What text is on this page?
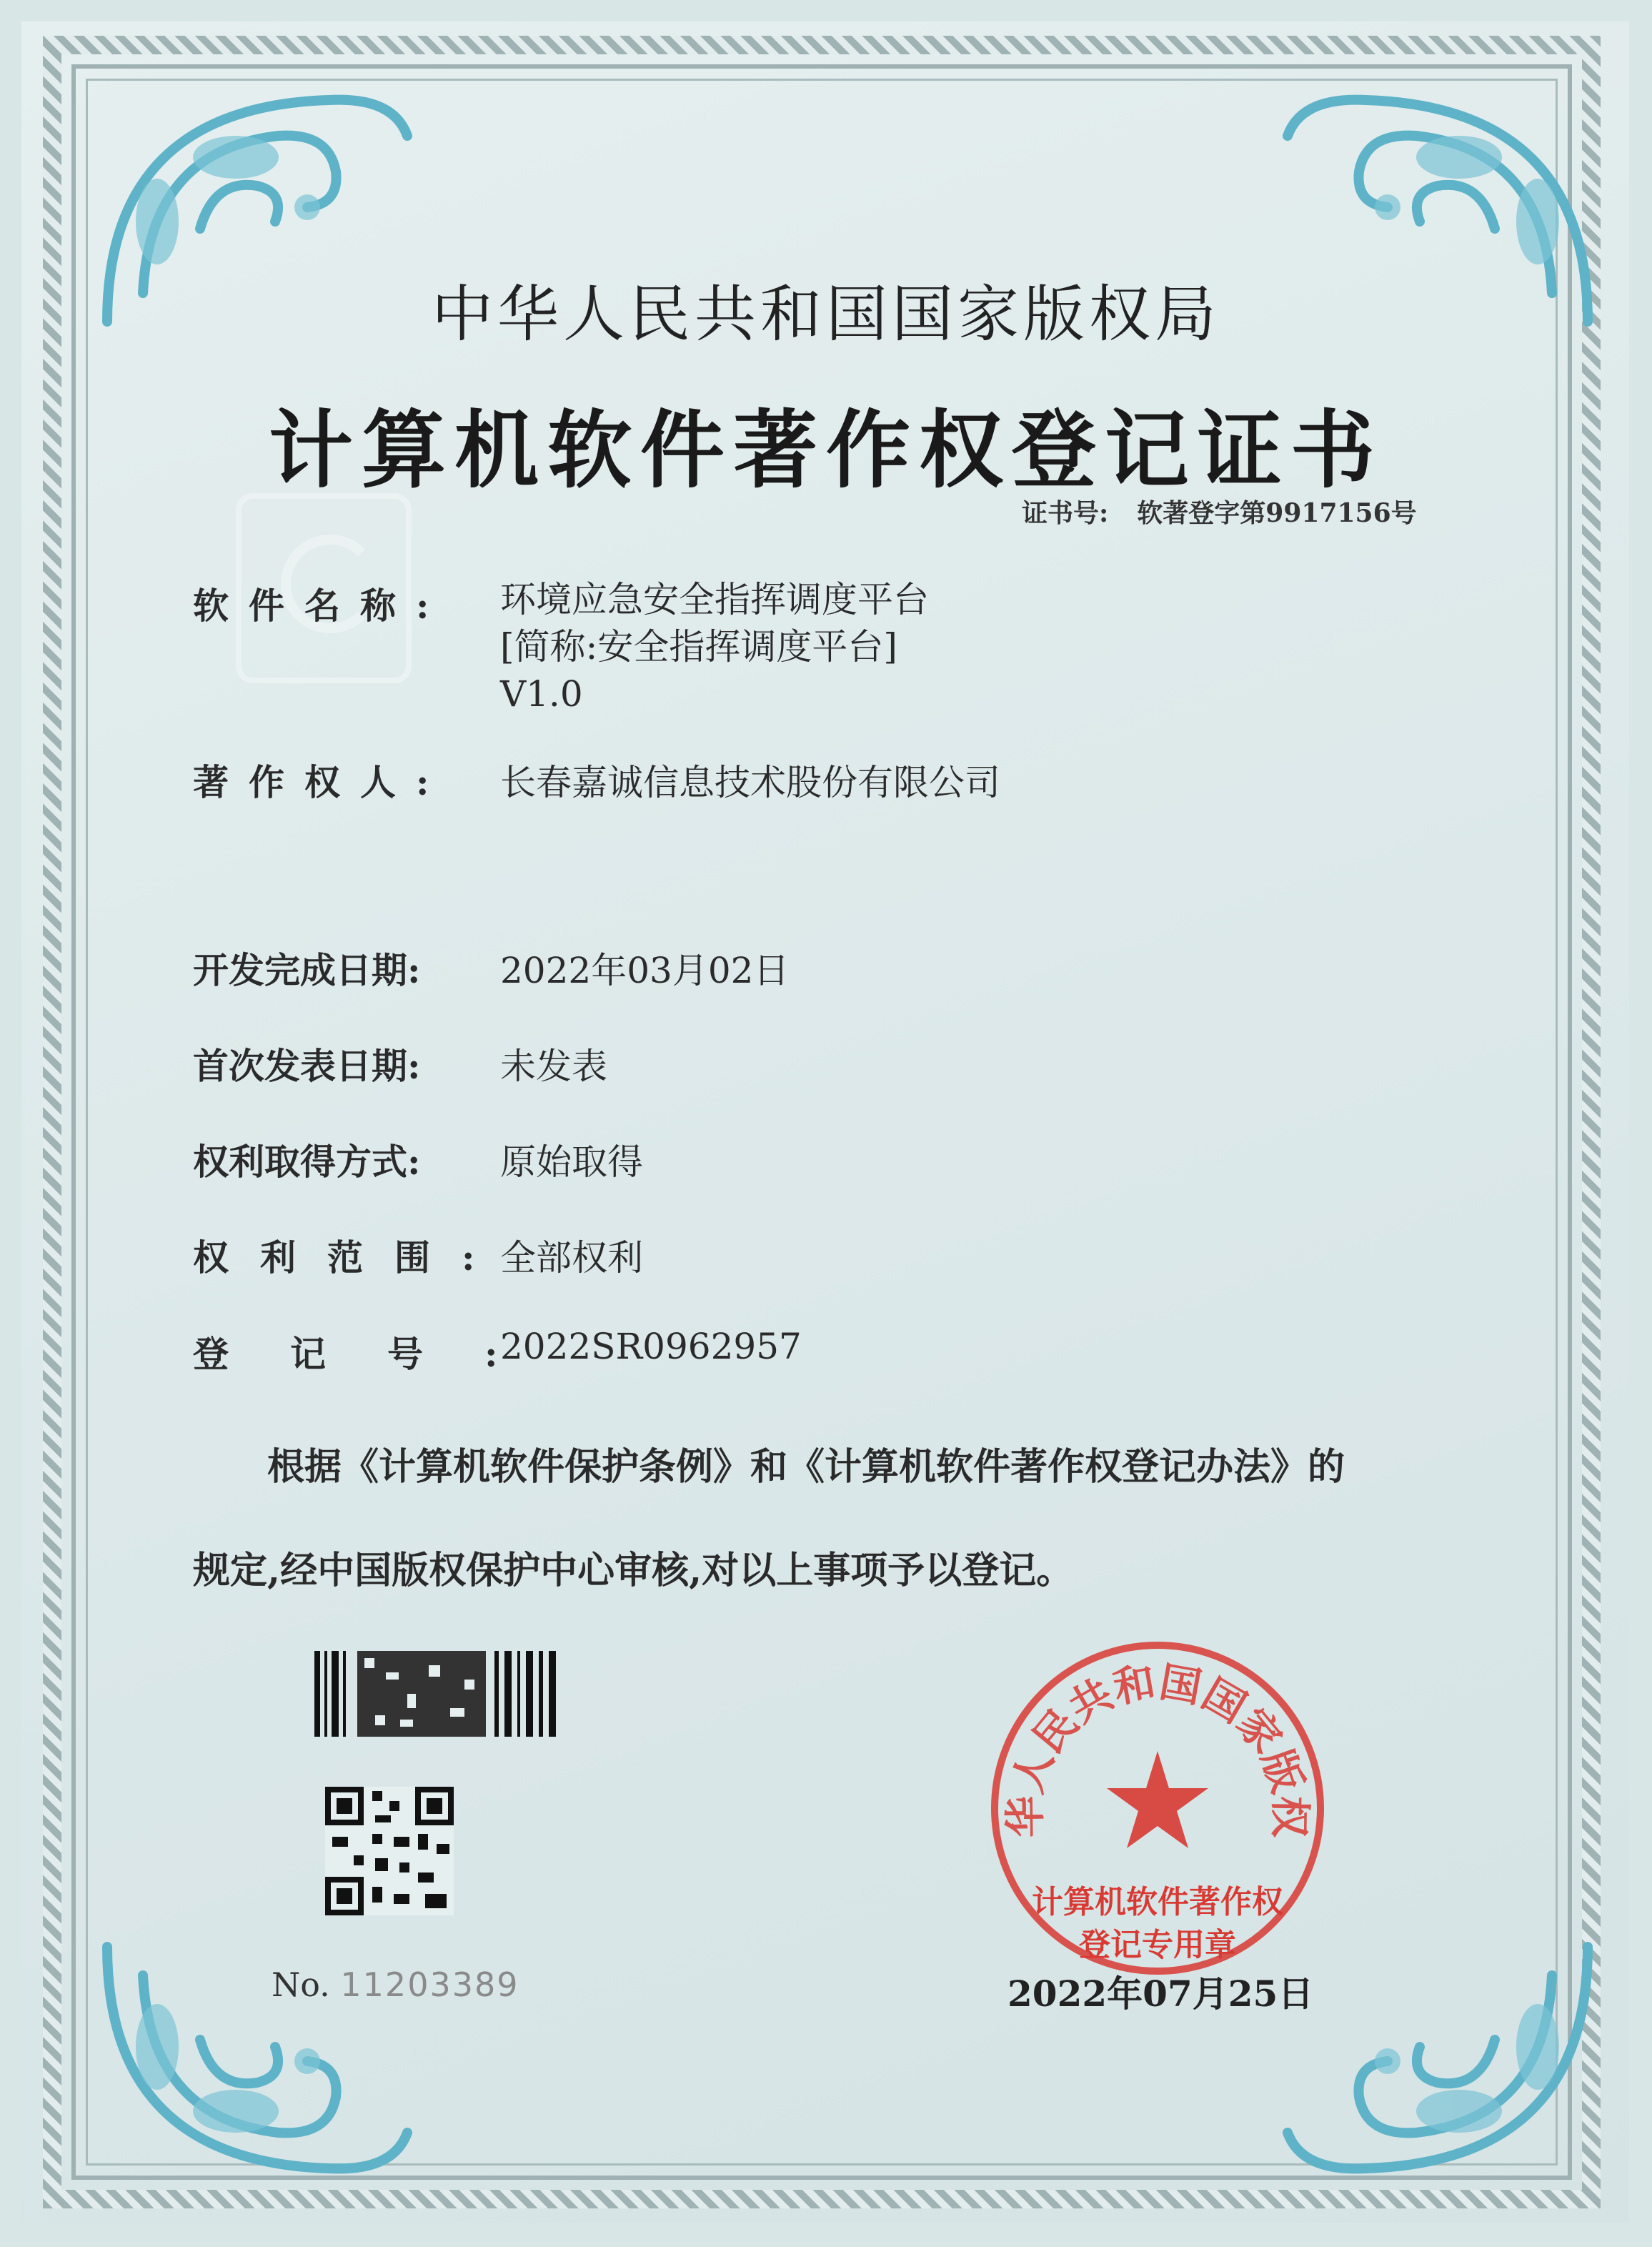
中华人民共和国国家版权局
计算机软件著作权登记证书
证书号: 软著登字第9917156号
软件名称: 环境应急安全指挥调度平台
[简称:安全指挥调度平台]
V1.0
著作权人: 长春嘉诚信息技术股份有限公司
开发完成日期: 2022年03月02日
首次发表日期: 未发表
权利取得方式: 原始取得
权利范围:全部权利
登记号:2022SR0962957
根据《计算机软件保护条例》和《计算机软件著作权登记办法》的
规定,经中国版权保护中心审核,对以上事项予以登记。
No. 11203389
华人民共和国国家版权
计算机软件著作权
登记专用章
2022年07月25日
